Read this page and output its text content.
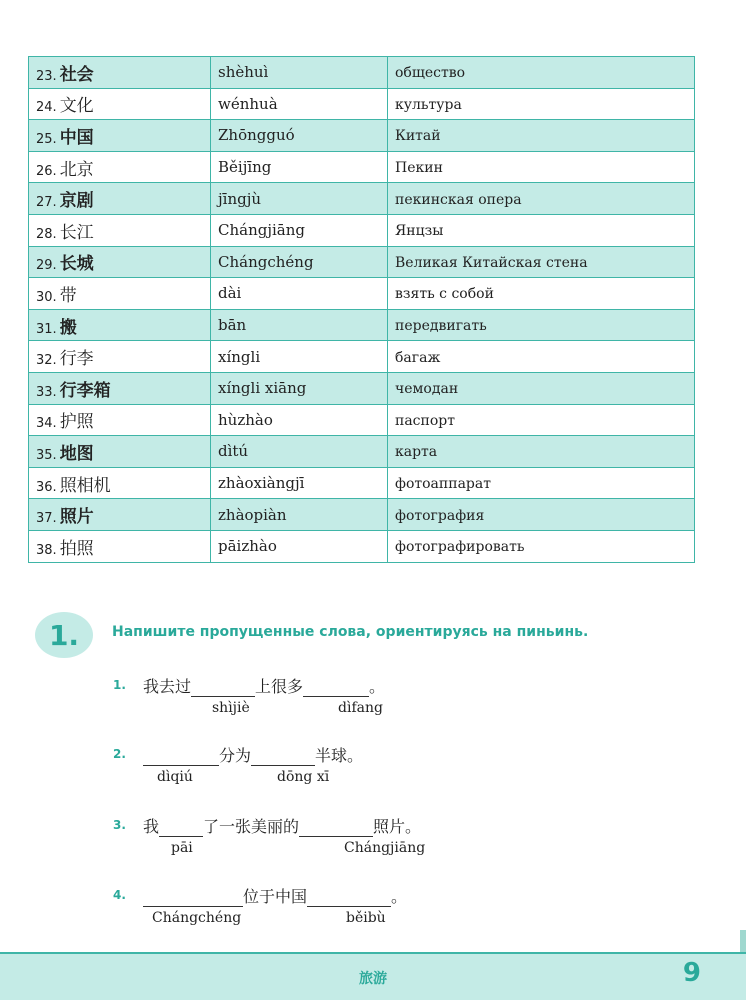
23. 社会	shèhuì	общество
24. 文化	wénhuà	культура
25. 中国	Zhōngguó	Китай
26. 北京	Běijīng	Пекин
27. 京剧	jīngjù	пекинская опера
28. 长江	Chángjiāng	Янцзы
29. 长城	Chángchéng	Великая Китайская стена
30. 带	dài	взять с собой
31. 搬	bān	передвигать
32. 行李	xíngli	багаж
33. 行李箱	xíngli xiāng	чемодан
34. 护照	hùzhào	паспорт
35. 地图	dìtú	карта
36. 照相机	zhàoxiàngjī	фотоаппарат
37. 照片	zhàopiàn	фотография
38. 拍照	pāizhào	фотографировать
1. Напишите пропущенные слова, ориентируясь на пиньинь.
1. 我去过	上很多	。
shìjiè	dìfang
2.	分为	半球。
dìqiú	dōng xī
3. 我	了一张美丽的	照片。
pāi	Chángjiāng
4.	位于中国	。
Chángchéng	běibù
旅游	9
